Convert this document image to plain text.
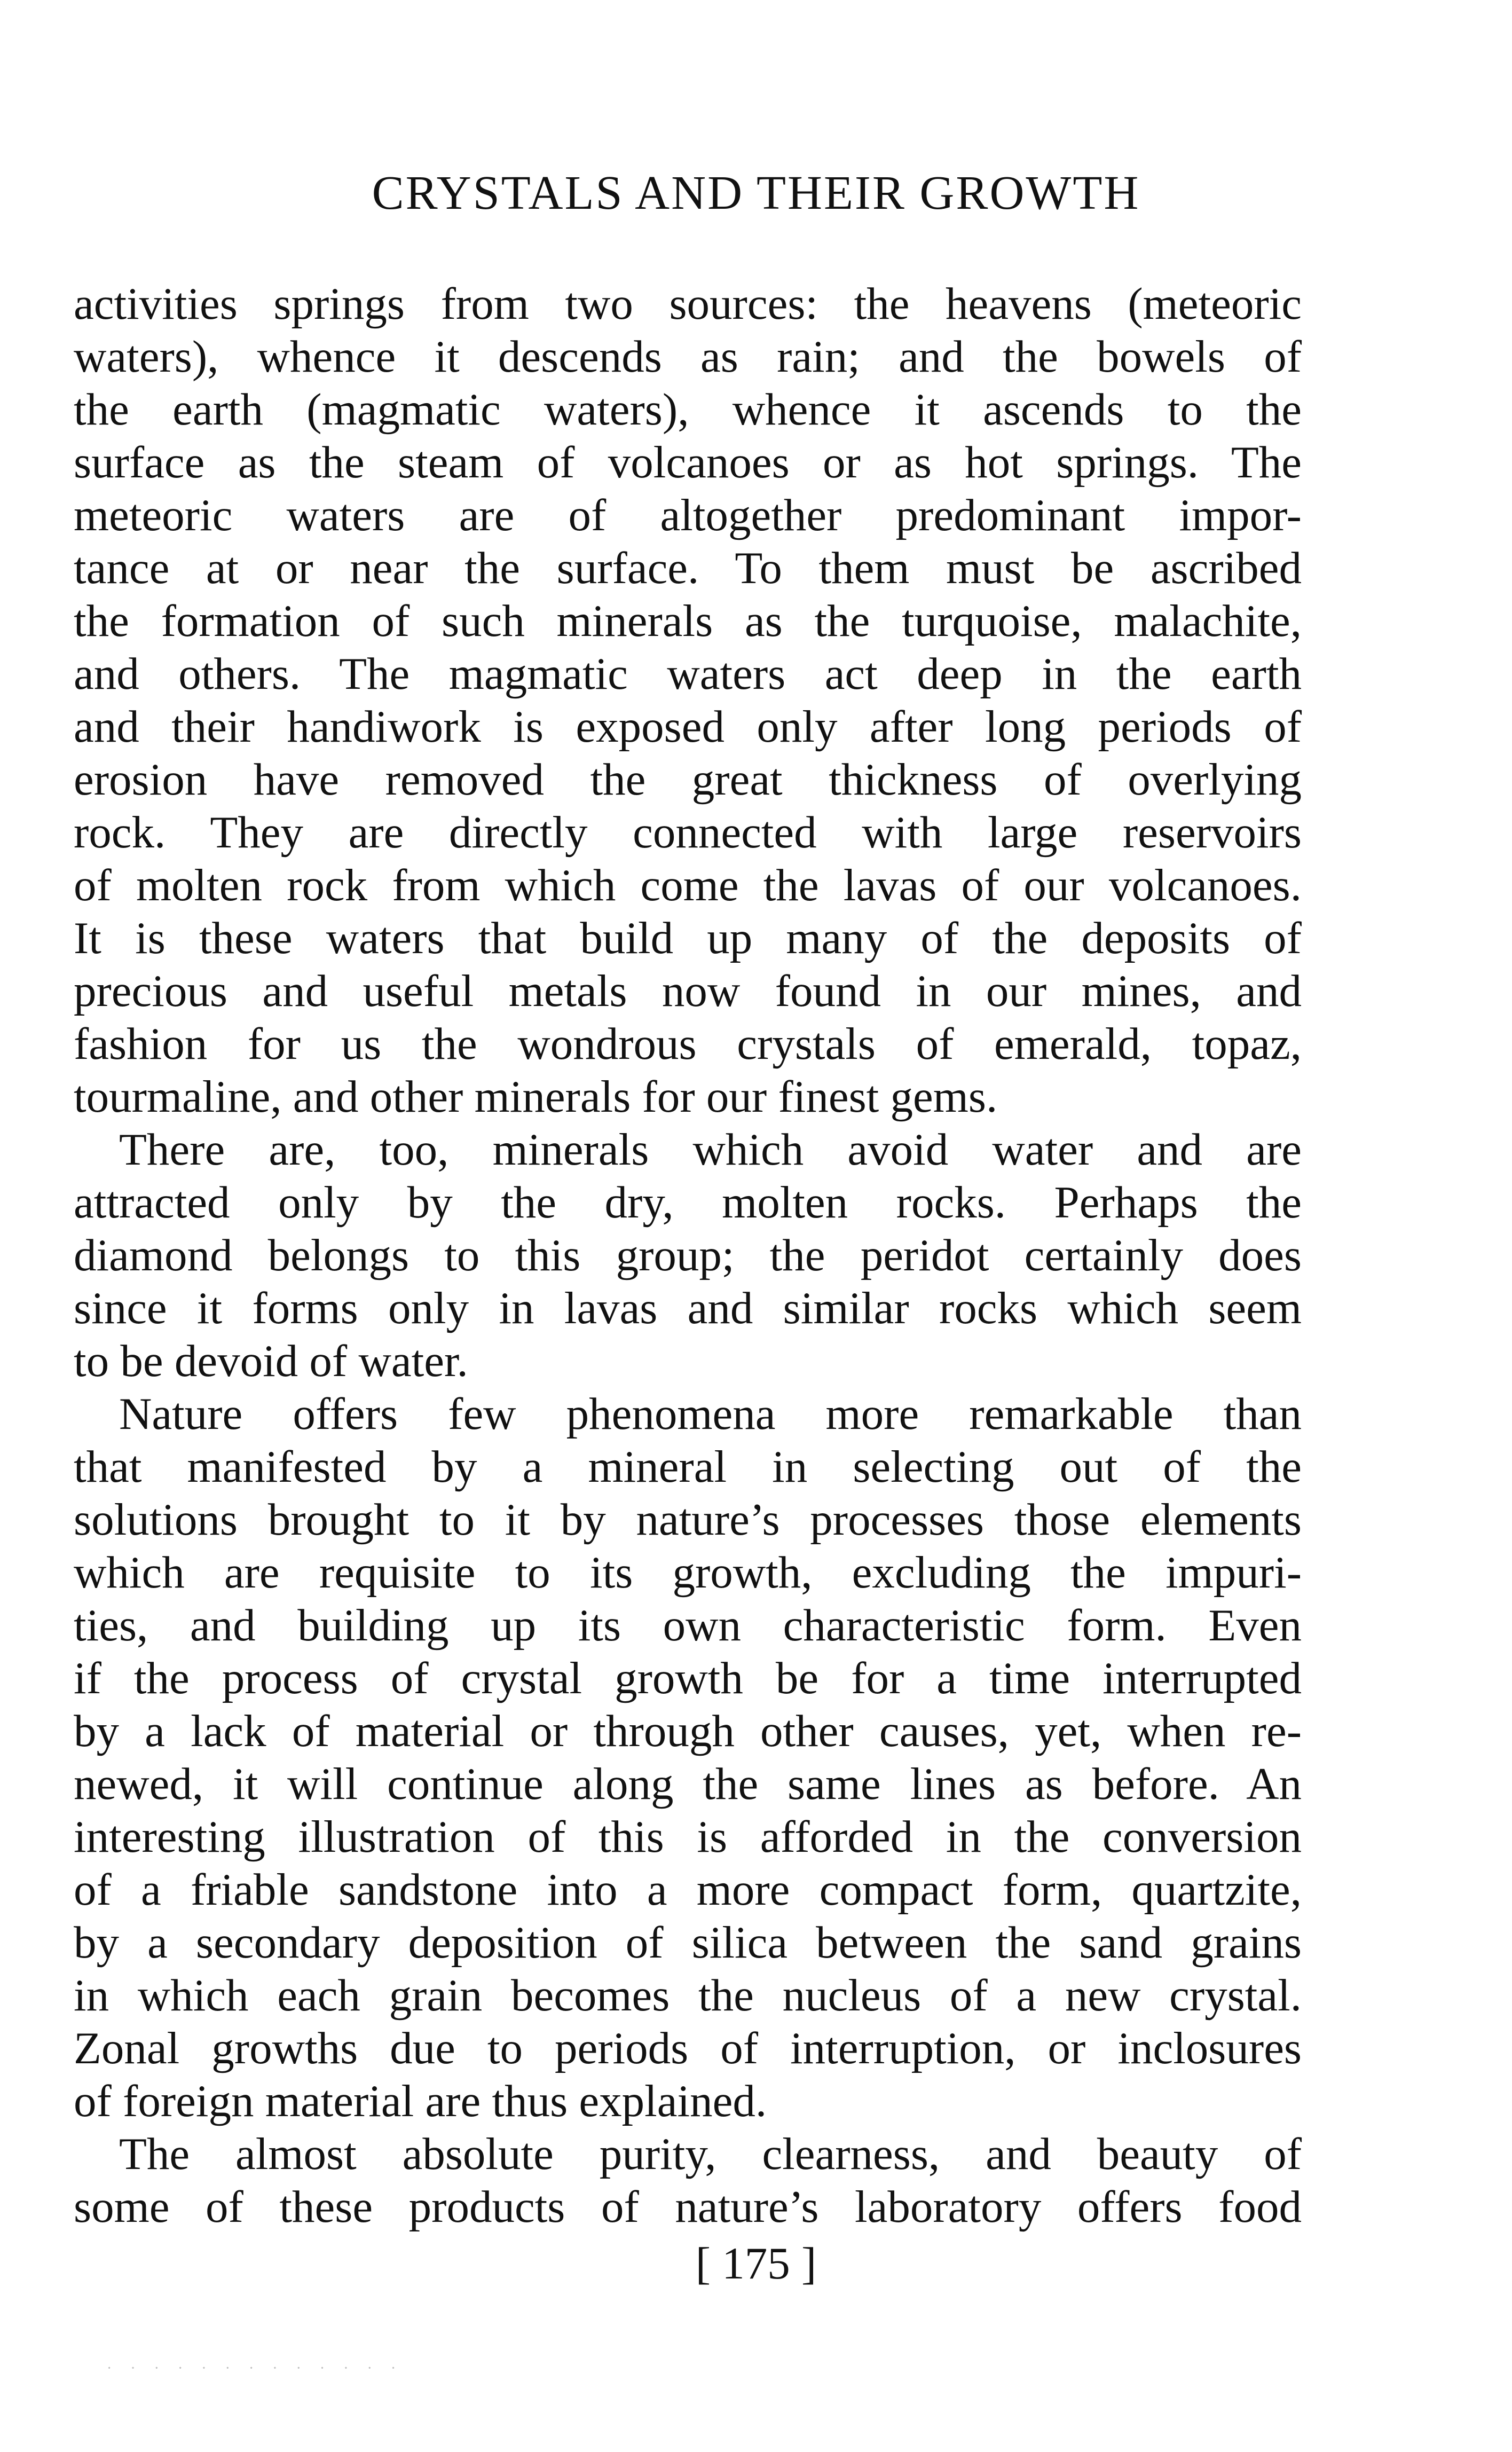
CRYSTALS AND THEIR GROWTH
activities springs from two sources: the heavens (meteoric
waters), whence it descends as rain; and the bowels of
the earth (magmatic waters), whence it ascends to the
surface as the steam of volcanoes or as hot springs. The
meteoric waters are of altogether predominant impor-
tance at or near the surface. To them must be ascribed
the formation of such minerals as the turquoise, malachite,
and others. The magmatic waters act deep in the earth
and their handiwork is exposed only after long periods of
erosion have removed the great thickness of overlying
rock. They are directly connected with large reservoirs
of molten rock from which come the lavas of our volcanoes.
It is these waters that build up many of the deposits of
precious and useful metals now found in our mines, and
fashion for us the wondrous crystals of emerald, topaz,
tourmaline, and other minerals for our finest gems.
There are, too, minerals which avoid water and are
attracted only by the dry, molten rocks. Perhaps the
diamond belongs to this group; the peridot certainly does
since it forms only in lavas and similar rocks which seem
to be devoid of water.
Nature offers few phenomena more remarkable than
that manifested by a mineral in selecting out of the
solutions brought to it by nature’s processes those elements
which are requisite to its growth, excluding the impuri-
ties, and building up its own characteristic form. Even
if the process of crystal growth be for a time interrupted
by a lack of material or through other causes, yet, when re-
newed, it will continue along the same lines as before. An
interesting illustration of this is afforded in the conversion
of a friable sandstone into a more compact form, quartzite,
by a secondary deposition of silica between the sand grains
in which each grain becomes the nucleus of a new crystal.
Zonal growths due to periods of interruption, or inclosures
of foreign material are thus explained.
The almost absolute purity, clearness, and beauty of
some of these products of nature’s laboratory offers food
[ 175 ]
· · · · · · · · · · · · ·
